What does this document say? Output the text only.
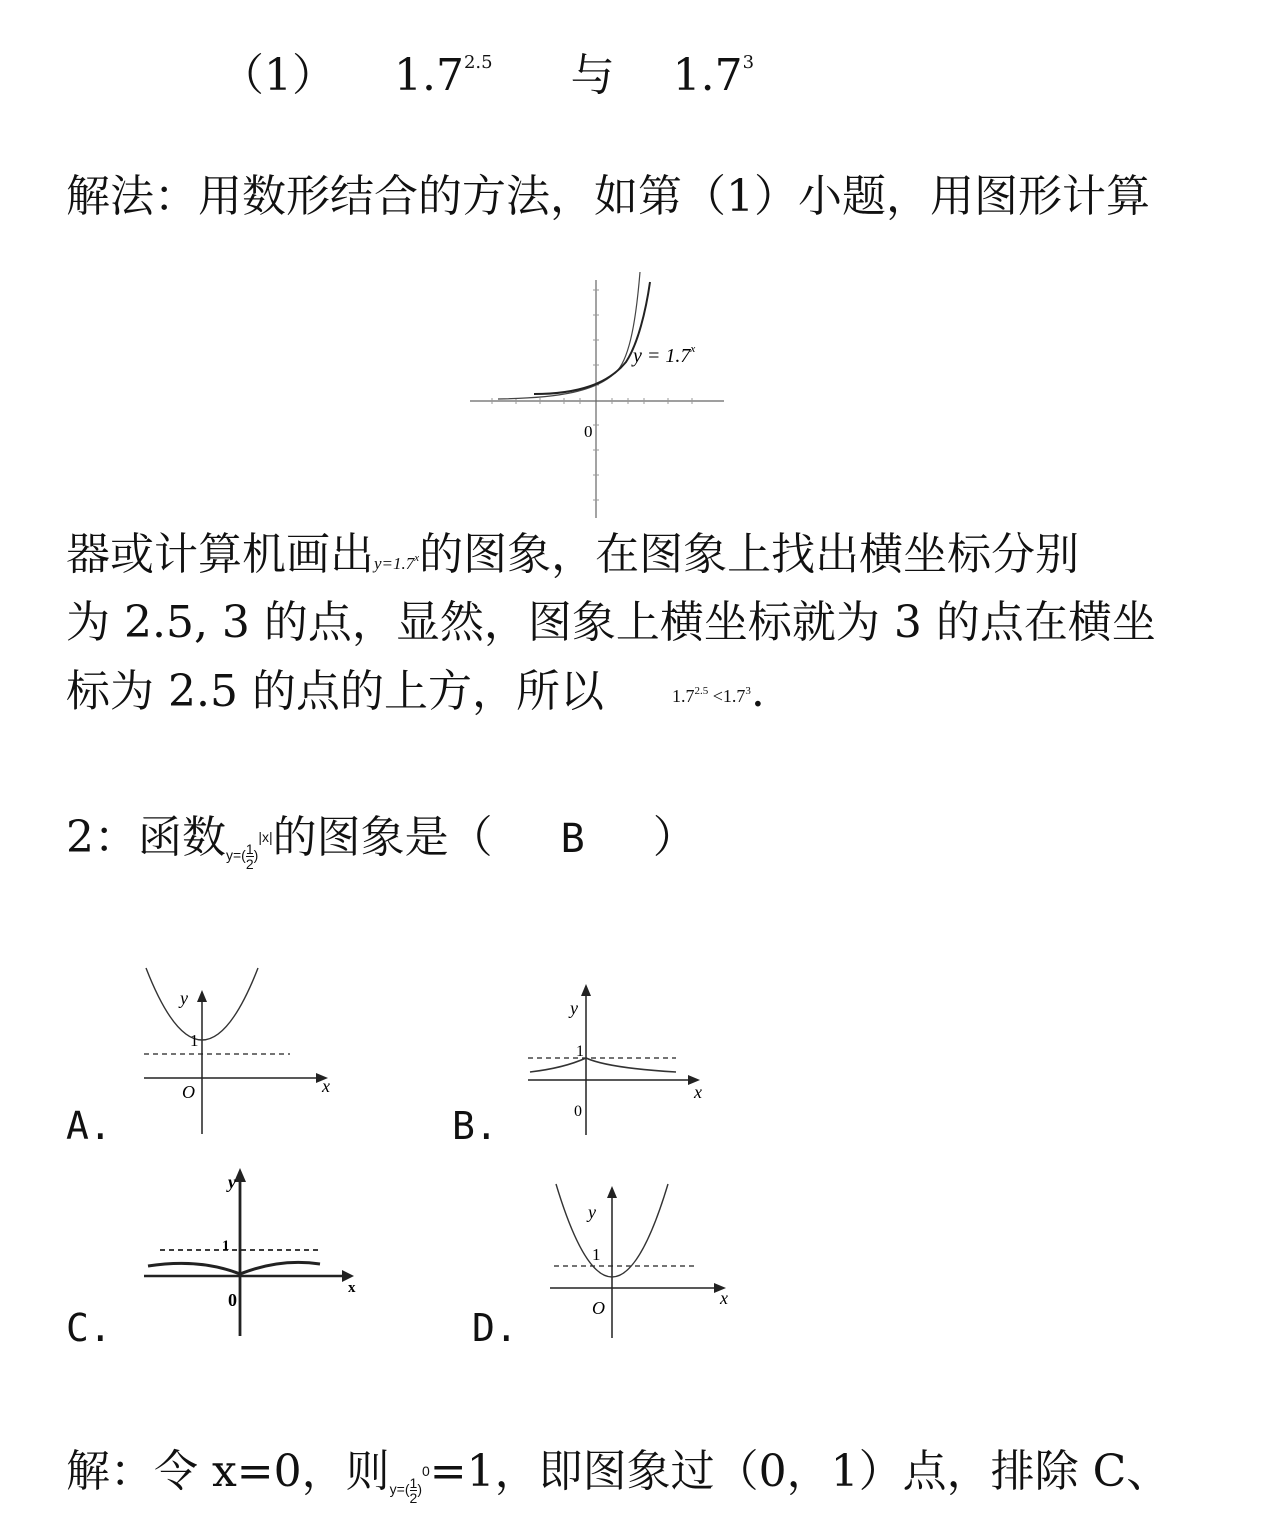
（1） $1.7^{2.5}$ 与 $1.7^3$
解法：用数形结合的方法，如第（1）小题，用图形计算
$y = 1.7^x$
0
器或计算机画出$y=1.7^x$的图象，在图象上找出横坐标分别
为 2.5, 3 的点，显然，图象上横坐标就为 3 的点在横坐
标为 2.5 的点的上方，所以	$1.7^{2.5} <1.7^3$.
2：函数$y=( \frac{1}{2} )|x|$的图象是（ B ）
A.
y
1
O	x
B.
y
1
0
x
C.
y
1
0
x
D.
y
1
O	x
解：令 x=0，则$y=( \frac{1}{2} )0=1$，即图象过（0，1）点，排除 C、
